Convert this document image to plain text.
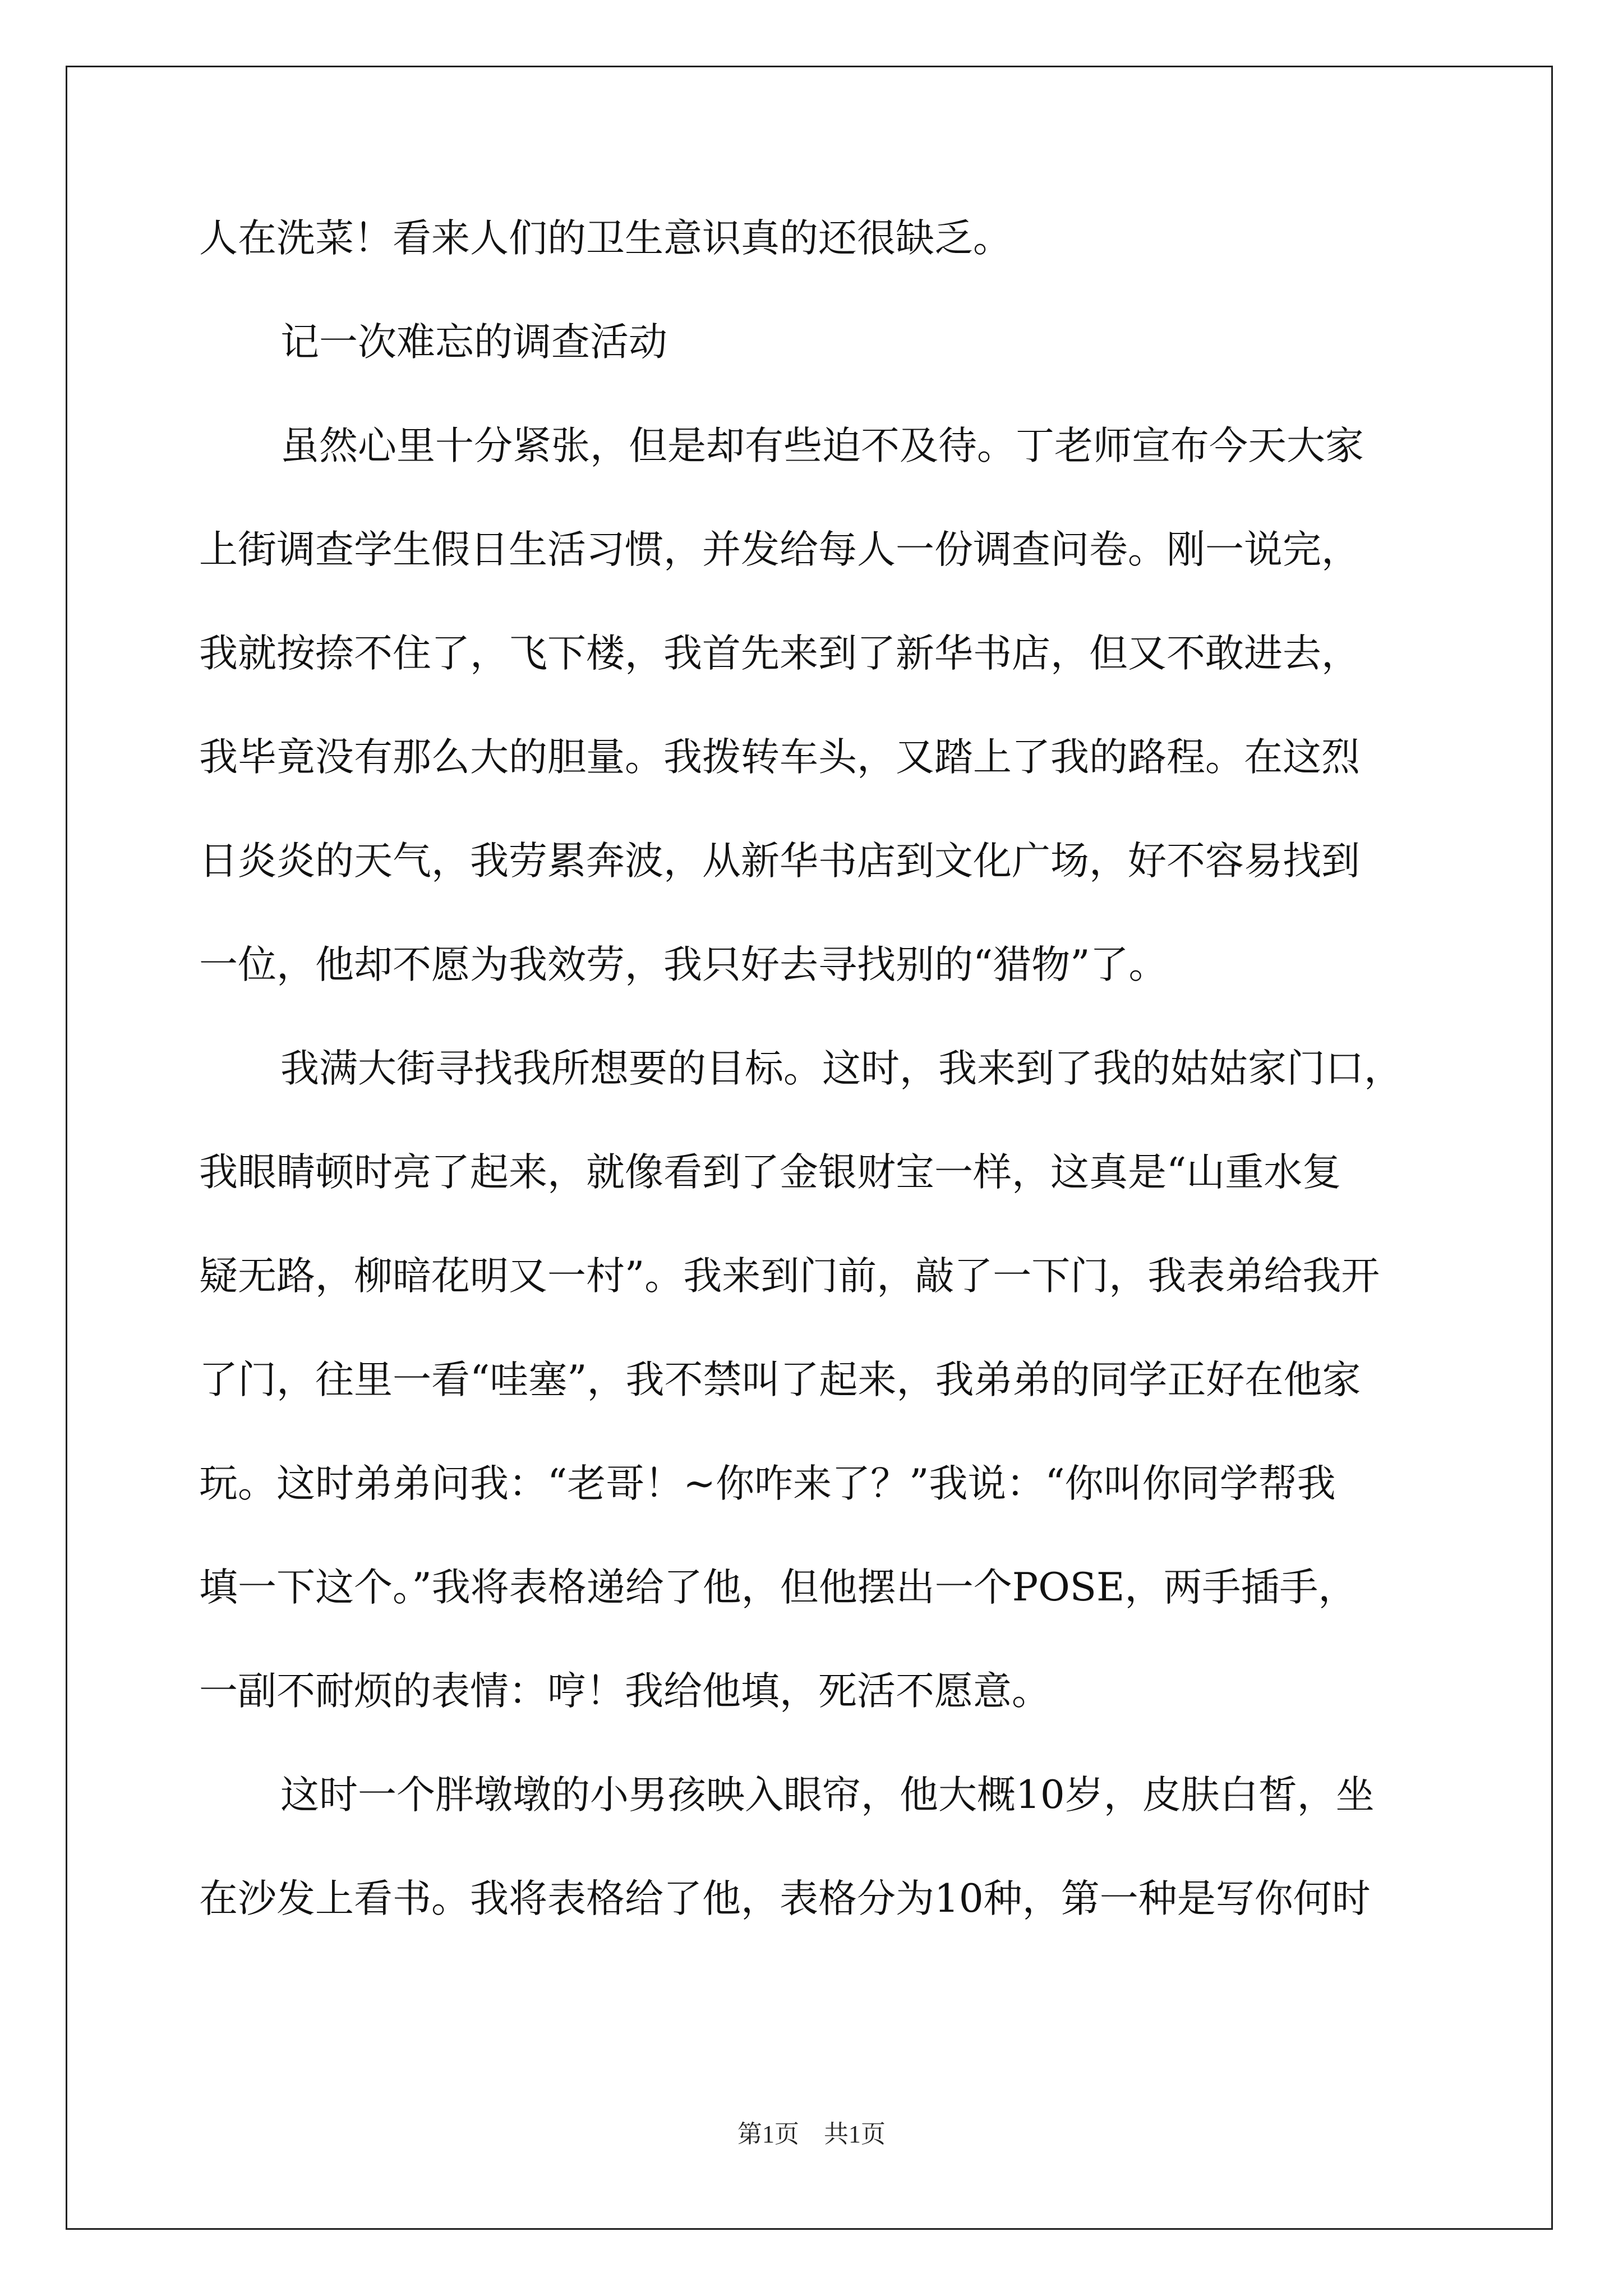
人在洗菜！看来人们的卫生意识真的还很缺乏。
记一次难忘的调查活动
虽然心里十分紧张，但是却有些迫不及待。丁老师宣布今天大家
上街调查学生假日生活习惯，并发给每人一份调查问卷。刚一说完，
我就按捺不住了，飞下楼，我首先来到了新华书店，但又不敢进去，
我毕竟没有那么大的胆量。我拨转车头，又踏上了我的路程。在这烈
日炎炎的天气，我劳累奔波，从新华书店到文化广场，好不容易找到
一位，他却不愿为我效劳，我只好去寻找别的“猎物”了。
我满大街寻找我所想要的目标。这时，我来到了我的姑姑家门口，
我眼睛顿时亮了起来，就像看到了金银财宝一样，这真是“山重水复
疑无路，柳暗花明又一村”。我来到门前，敲了一下门，我表弟给我开
了门，往里一看“哇塞”，我不禁叫了起来，我弟弟的同学正好在他家
玩。这时弟弟问我：“老哥！~你咋来了？”我说：“你叫你同学帮我
填一下这个。”我将表格递给了他，但他摆出一个POSE，两手插手，
一副不耐烦的表情：哼！我给他填，死活不愿意。
这时一个胖墩墩的小男孩映入眼帘，他大概10岁，皮肤白皙，坐
在沙发上看书。我将表格给了他，表格分为10种，第一种是写你何时
第1页 共1页
